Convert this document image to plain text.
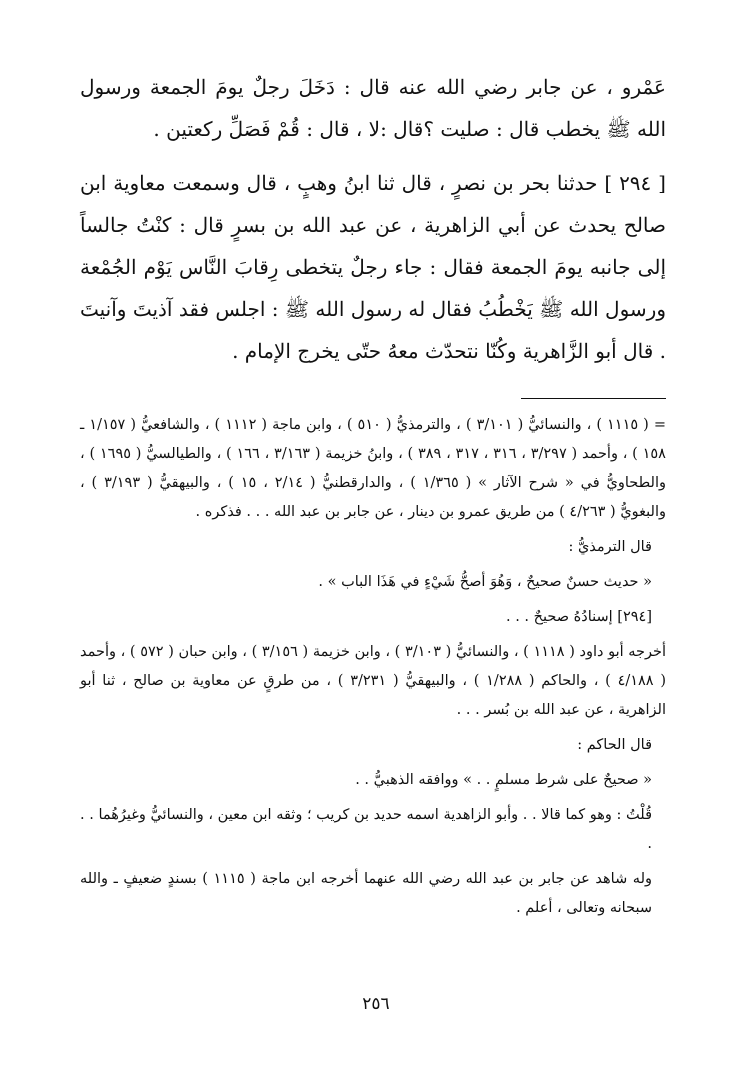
عَمْرو ، عن جابر رضي الله عنه قال : دَخَلَ رجلٌ يومَ الجمعة ورسول الله ﷺ يخطب قال : صليت ؟قال :لا ، قال : قُمْ فَصَلِّ ركعتين .

[ ٢٩٤ ] حدثنا بحر بن نصرٍ ، قال ثنا ابنُ وهبٍ ، قال وسمعت معاوية ابن صالح يحدث عن أبي الزاهرية ، عن عبد الله بن بسرٍ قال : كنْتُ جالساً إلى جانبه يومَ الجمعة فقال : جاء رجلٌ يتخطى رِقابَ النَّاس يَوْم الجُمْعة ورسول الله ﷺ يَخْطُبُ فقال له رسول الله ﷺ : اجلس فقد آذيتَ وآنيتَ . قال أبو الزَّاهرية وكُنّا نتحدّث معهُ حتّى يخرج الإمام .

= ( ١١١٥ ) ، والنسائيُّ ( ٣/١٠١ ) ، والترمذيُّ ( ٥١٠ ) ، وابن ماجة ( ١١١٢ ) ، والشافعيُّ ( ١/١٥٧ ـ ١٥٨ ) ، وأحمد ( ٣/٢٩٧ ، ٣١٦ ، ٣١٧ ، ٣٨٩ ) ، وابنُ خزيمة ( ٣/١٦٣ ، ١٦٦ ) ، والطيالسيُّ ( ١٦٩٥ ) ، والطحاويُّ في « شرح الآثار » ( ١/٣٦٥ ) ، والدارقطنيُّ ( ٢/١٤ ، ١٥ ) ، والبيهقيُّ ( ٣/١٩٣ ) ، والبغويُّ ( ٤/٢٦٣ ) من طريق عمرو بن دينار ، عن جابر بن عبد الله . . . فذكره .

قال الترمذيُّ :

« حديث حسنٌ صحيحٌ ، وَهُوَ أصحُّ شَيْءٍ في هَذَا الباب » .

[٢٩٤] إسنادُهُ صحيحٌ . . .

أخرجه أبو داود ( ١١١٨ ) ، والنسائيُّ ( ٣/١٠٣ ) ، وابن خزيمة ( ٣/١٥٦ ) ، وابن حبان ( ٥٧٢ ) ، وأحمد ( ٤/١٨٨ ) ، والحاكم ( ١/٢٨٨ ) ، والبيهقيُّ ( ٣/٢٣١ ) ، من طرقٍ عن معاوية بن صالح ، ثنا أبو الزاهرية ، عن عبد الله بن بُسر . . .

قال الحاكم :

« صحيحٌ على شرط مسلمٍ . . » ووافقه الذهبيُّ . .

قُلْتُ : وهو كما قالا . . وأبو الزاهدية اسمه حديد بن كريب ؛ وثقه ابن معين ، والنسائيُّ وغيرُهُما . . .

وله شاهد عن جابر بن عبد الله رضي الله عنهما أخرجه ابن ماجة ( ١١١٥ ) بسندٍ ضعيفٍ ـ والله سبحانه وتعالى ، أعلم .

٢٥٦
